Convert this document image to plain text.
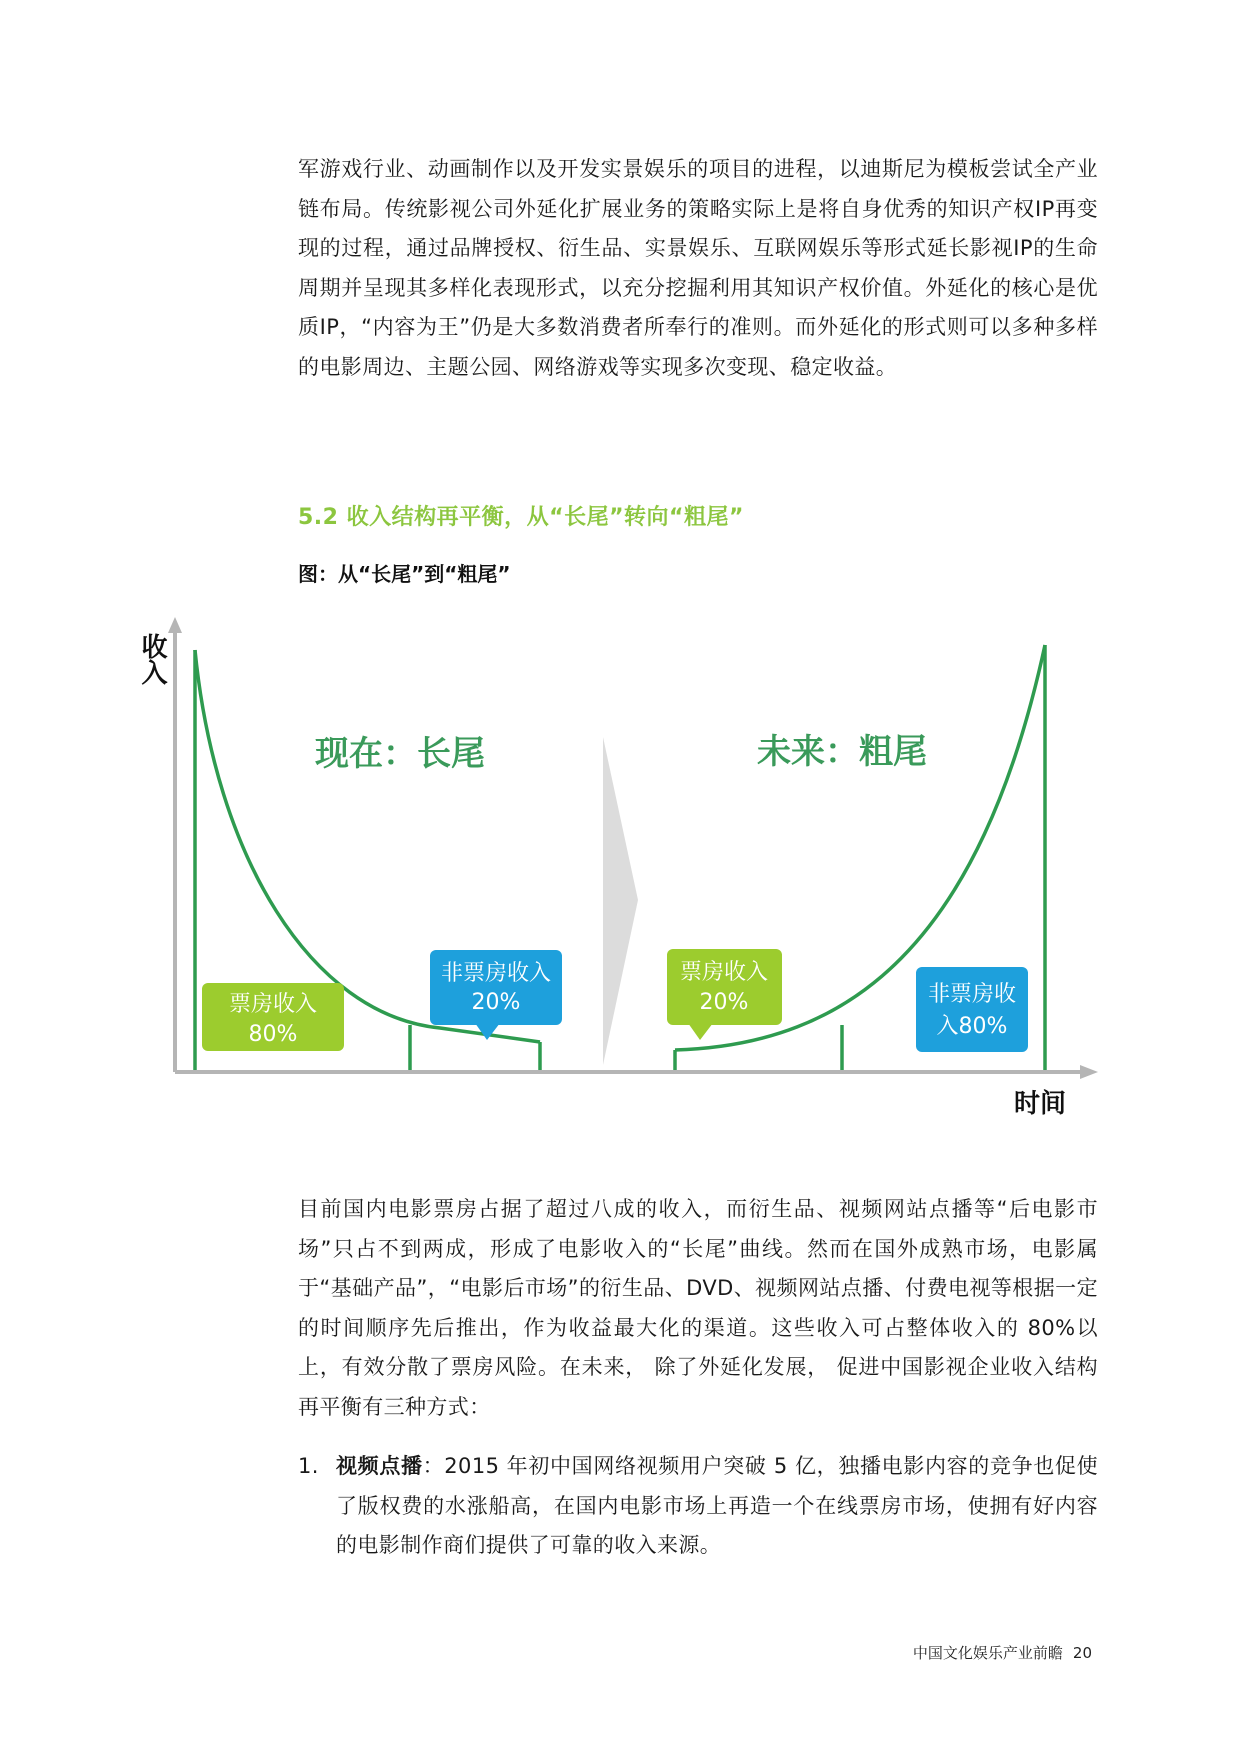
军游戏行业、动画制作以及开发实景娱乐的项目的进程，以迪斯尼为模板尝试全产业链布局。传统影视公司外延化扩展业务的策略实际上是将自身优秀的知识产权IP再变现的过程，通过品牌授权、衍生品、实景娱乐、互联网娱乐等形式延长影视IP的生命周期并呈现其多样化表现形式，以充分挖掘利用其知识产权价值。外延化的核心是优质IP，“内容为王”仍是大多数消费者所奉行的准则。而外延化的形式则可以多种多样的电影周边、主题公园、网络游戏等实现多次变现、稳定收益。
5.2 收入结构再平衡，从“长尾”转向“粗尾”
图：从“长尾”到“粗尾”
收入
时间
现在：长尾	未来：粗尾
票房收入
80%
非票房收入
20%
票房收入
20%	非票房收
入80%
目前国内电影票房占据了超过八成的收入，而衍生品、视频网站点播等“后电影市场”只占不到两成，形成了电影收入的“长尾”曲线。然而在国外成熟市场，电影属于“基础产品”，“电影后市场”的衍生品、DVD、视频网站点播、付费电视等根据一定的时间顺序先后推出，作为收益最大化的渠道。这些收入可占整体收入的 80%以上，有效分散了票房风险。在未来， 除了外延化发展， 促进中国影视企业收入结构再平衡有三种方式：
1. 视频点播：2015 年初中国网络视频用户突破 5 亿，独播电影内容的竞争也促使了版权费的水涨船高，在国内电影市场上再造一个在线票房市场，使拥有好内容的电影制作商们提供了可靠的收入来源。
中国文化娱乐产业前瞻 20
